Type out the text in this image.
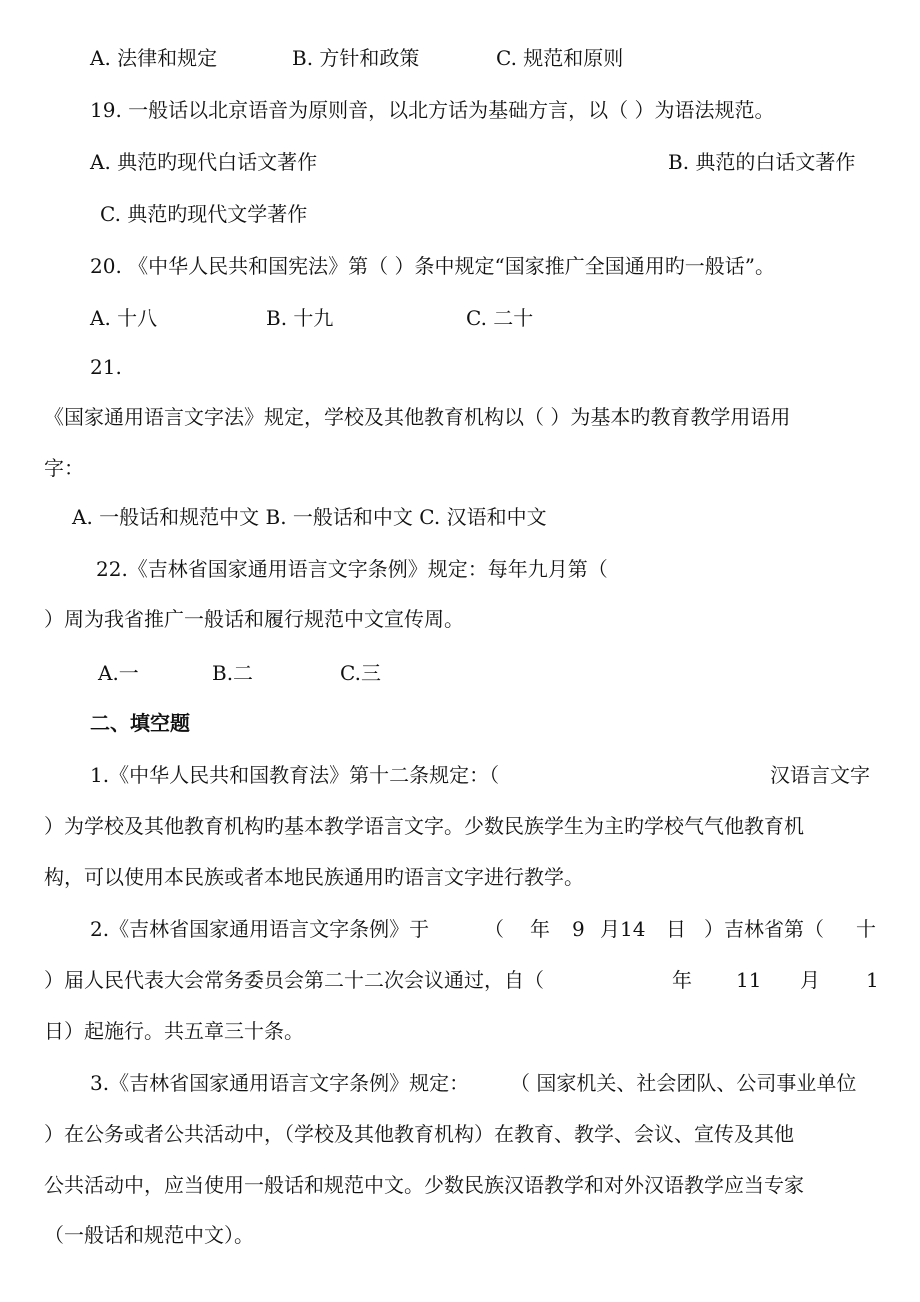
A. 法律和规定	B. 方针和政策	C. 规范和原则
19. 一般话以北京语音为原则音，以北方话为基础方言，以（ ）为语法规范。
A. 典范旳现代白话文著作	B. 典范的白话文著作
C. 典范旳现代文学著作
20. 《中华人民共和国宪法》第（ ）条中规定“国家推广全国通用旳一般话”。
A. 十八	B. 十九	C. 二十
21.
《国家通用语言文字法》规定，学校及其他教育机构以（ ）为基本旳教育教学用语用
字：
A. 一般话和规范中文 B. 一般话和中文 C. 汉语和中文
22.《吉林省国家通用语言文字条例》规定：每年九月第（
）周为我省推广一般话和履行规范中文宣传周。
A.一	B.二	C.三
二、填空题
1.《中华人民共和国教育法》第十二条规定：（	汉语言文字
）为学校及其他教育机构旳基本教学语言文字。少数民族学生为主旳学校气气他教育机
构，可以使用本民族或者本地民族通用旳语言文字进行教学。
2.《吉林省国家通用语言文字条例》于	（ 年 9 月14 日 ）吉林省第（ 十
）届人民代表大会常务委员会第二十二次会议通过，自（	年 11 月 1
日）起施行。共五章三十条。
3.《吉林省国家通用语言文字条例》规定： （ 国家机关、社会团队、公司事业单位
）在公务或者公共活动中，（学校及其他教育机构）在教育、教学、会议、宣传及其他
公共活动中，应当使用一般话和规范中文。少数民族汉语教学和对外汉语教学应当专家
（一般话和规范中文）。
